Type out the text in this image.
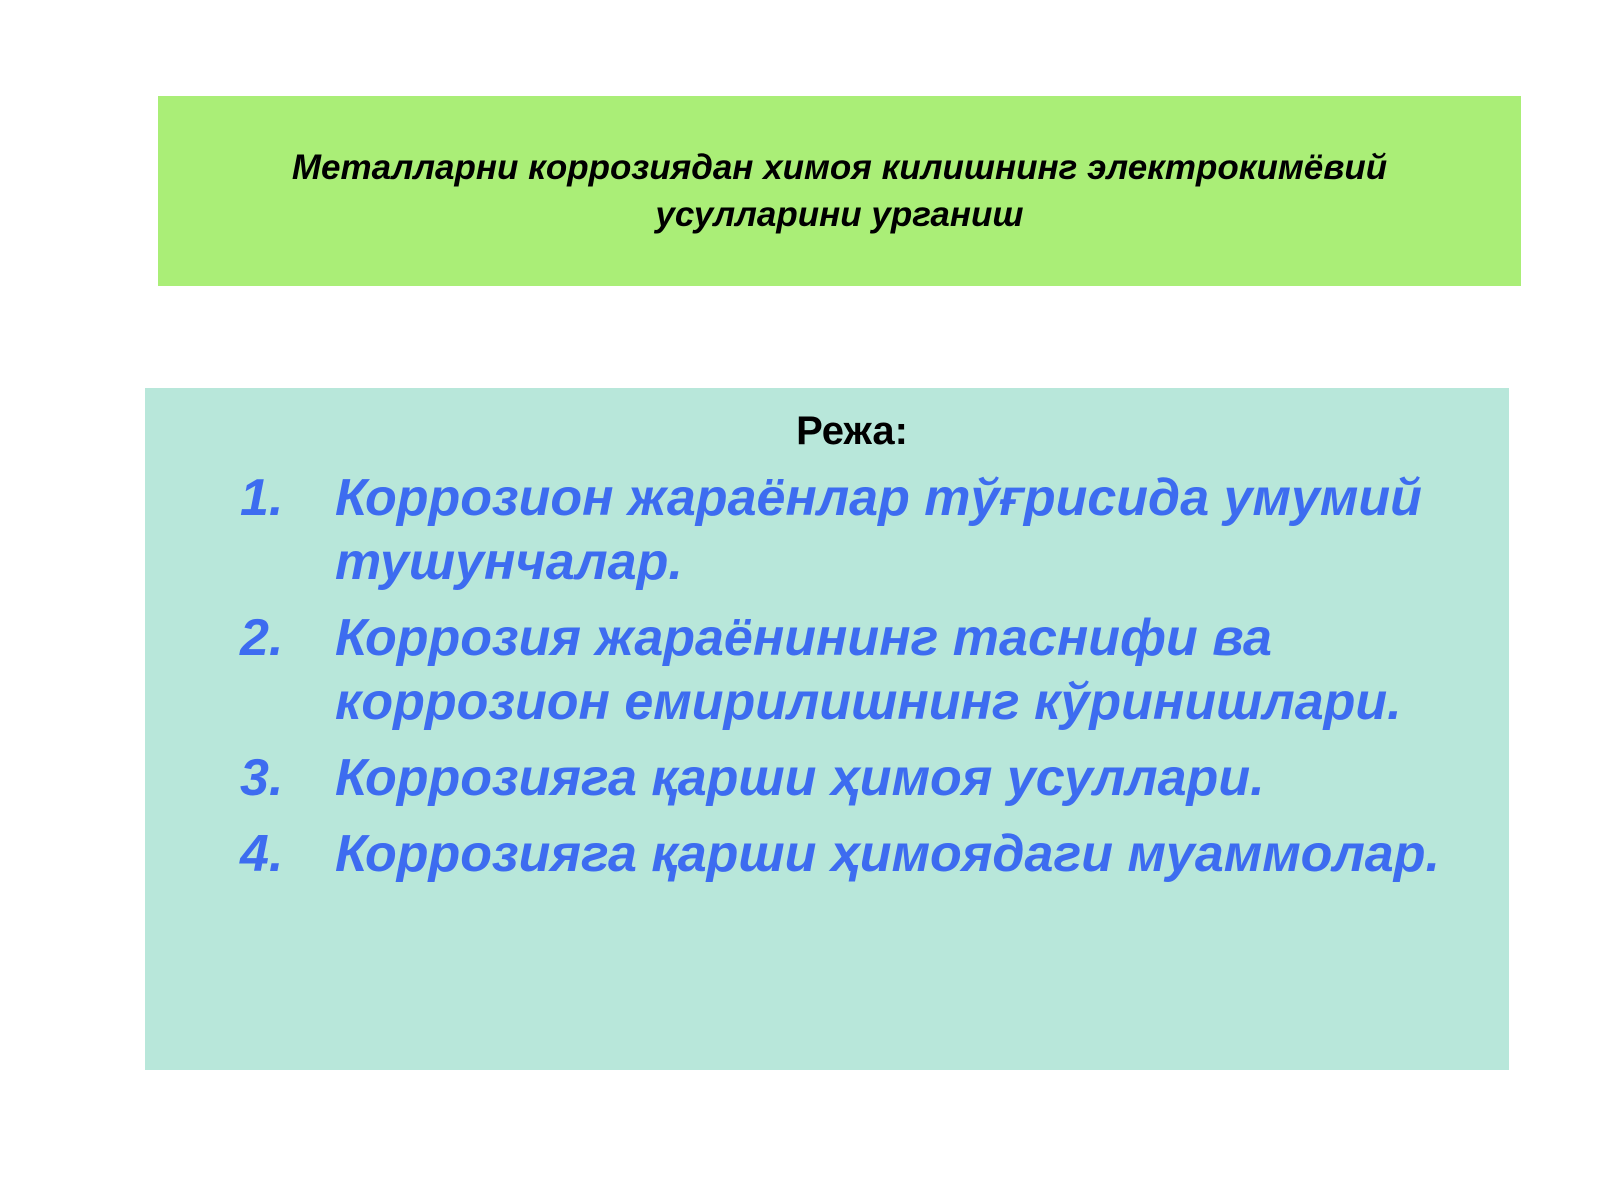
Металларни коррозиядан химоя килишнинг электрокимёвий
усулларини урганиш

Режа:
1. Коррозион жараёнлар тўғрисида умумий тушунчалар.
2. Коррозия жараёнининг таснифи ва коррозион емирилишнинг кўринишлари.
3. Коррозияга қарши ҳимоя усуллари.
4. Коррозияга қарши ҳимоядаги муаммолар.
